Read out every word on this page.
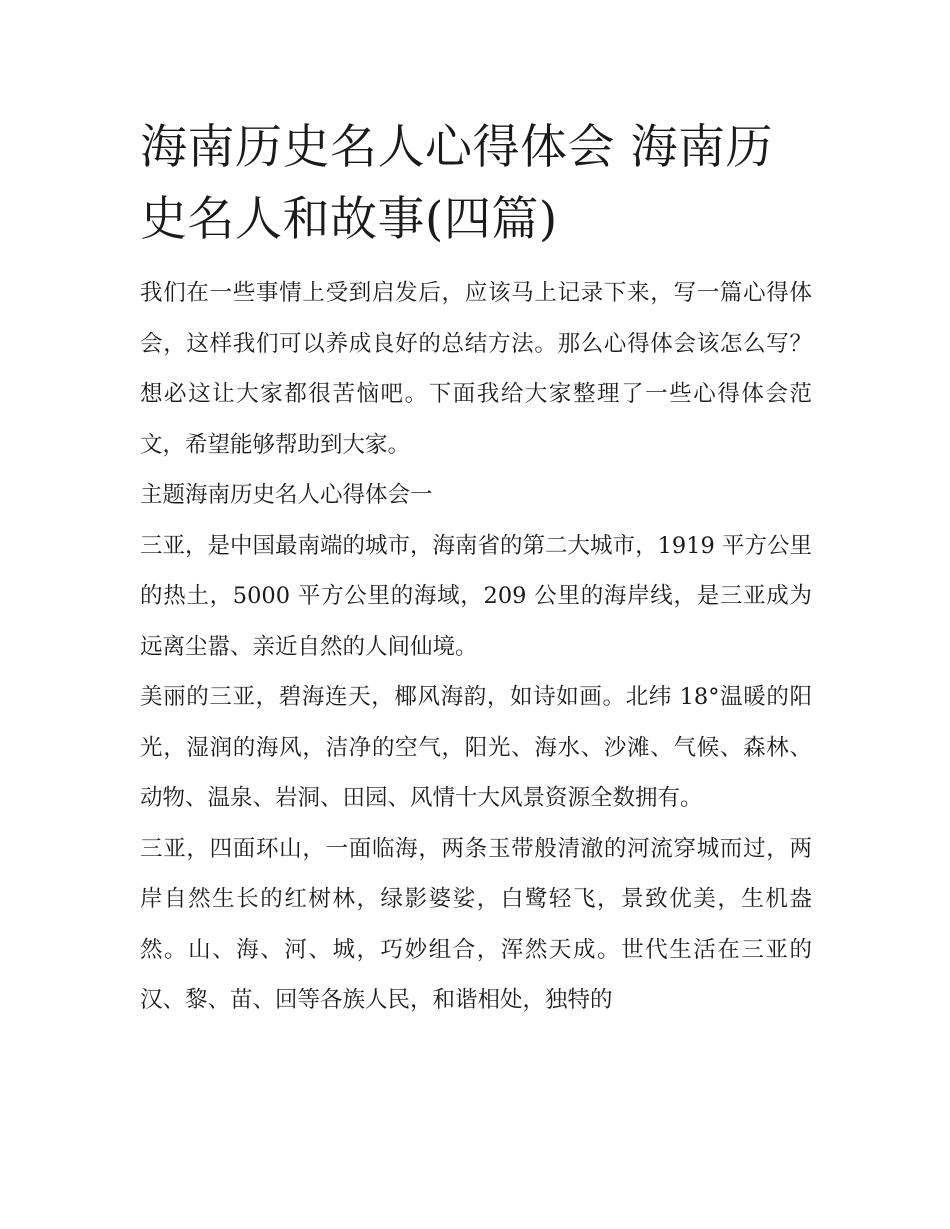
海南历史名人心得体会 海南历史名人和故事(四篇)

我们在一些事情上受到启发后，应该马上记录下来，写一篇心得体会，这样我们可以养成良好的总结方法。那么心得体会该怎么写？想必这让大家都很苦恼吧。下面我给大家整理了一些心得体会范文，希望能够帮助到大家。

主题海南历史名人心得体会一

三亚，是中国最南端的城市，海南省的第二大城市，1919 平方公里的热土，5000 平方公里的海域，209 公里的海岸线，是三亚成为远离尘嚣、亲近自然的人间仙境。

美丽的三亚，碧海连天，椰风海韵，如诗如画。北纬 18°温暖的阳光，湿润的海风，洁净的空气，阳光、海水、沙滩、气候、森林、动物、温泉、岩洞、田园、风情十大风景资源全数拥有。

三亚，四面环山，一面临海，两条玉带般清澈的河流穿城而过，两岸自然生长的红树林，绿影婆娑，白鹭轻飞，景致优美，生机盎然。山、海、河、城，巧妙组合，浑然天成。世代生活在三亚的汉、黎、苗、回等各族人民，和谐相处，独特的
